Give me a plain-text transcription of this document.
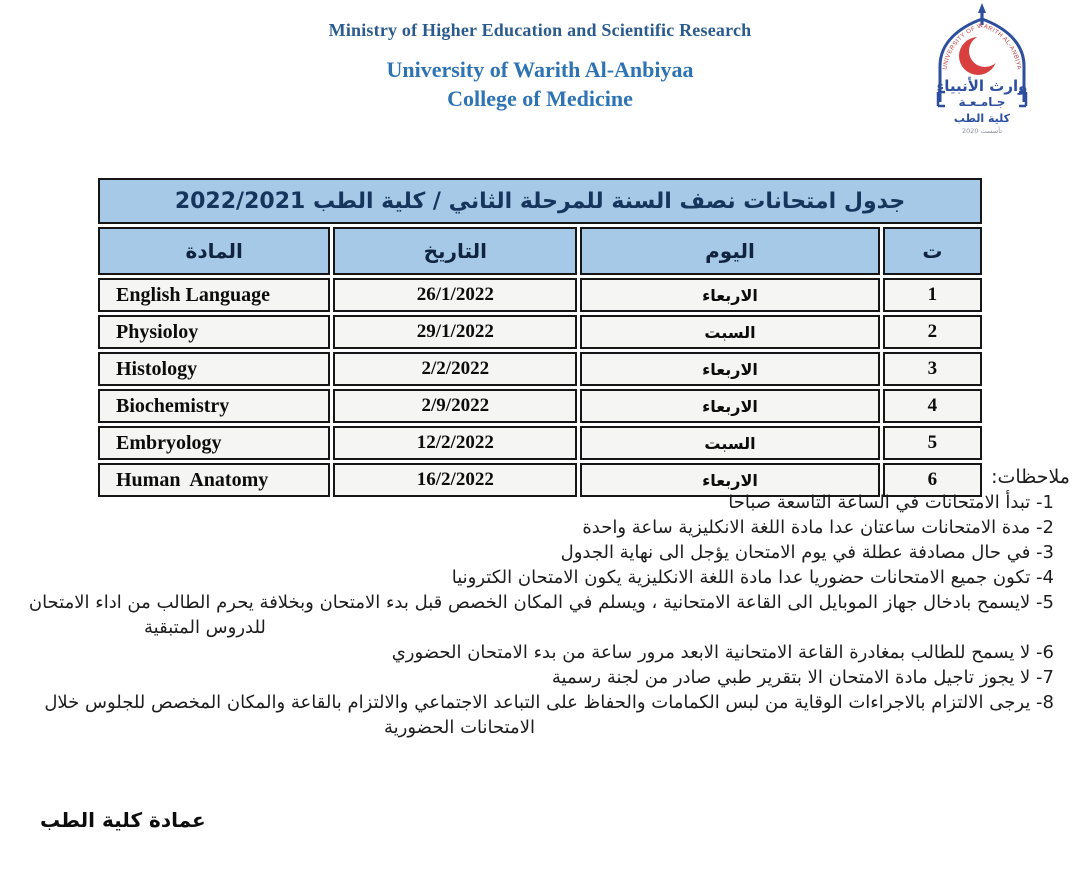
Ministry of Higher Education and Scientific Research
University of Warith Al-Anbiyaa
College of Medicine
UNIVERSITY OF WARITH AL-ANBIYA
وارث الأنبياء
جـامـعـة
كلية الطب
تأسست 2020
جدول امتحانات نصف السنة للمرحلة الثاني / كلية الطب 2022/2021			
ت	اليوم	التاريخ	المادة
1	الاربعاء	26/1/2022	English Language
2	السبت	29/1/2022	Physioloy
3	الاربعاء	2/2/2022	Histology
4	الاربعاء	2/9/2022	Biochemistry
5	السبت	12/2/2022	Embryology
6	الاربعاء	16/2/2022	Human  Anatomy	ملاحظات:
1- تبدأ الامتحانات في الساعة التاسعة صباحا
2- مدة الامتحانات ساعتان عدا مادة اللغة الانكليزية ساعة واحدة
3- في حال مصادفة عطلة في يوم الامتحان يؤجل الى نهاية الجدول
4- تكون جميع الامتحانات حضوريا عدا مادة اللغة الانكليزية يكون الامتحان الكترونيا
5- لايسمح بادخال جهاز الموبايل الى القاعة الامتحانية ، ويسلم في المكان الخصص قبل بدء الامتحان وبخلافة يحرم الطالب من اداء الامتحان
للدروس المتبقية
6- لا يسمح للطالب بمغادرة القاعة الامتحانية الابعد مرور ساعة من بدء الامتحان الحضوري
7- لا يجوز تاجيل مادة الامتحان الا بتقرير طبي صادر من لجنة رسمية
8- يرجى الالتزام بالاجراءات الوقاية من لبس الكمامات والحفاظ على التباعد الاجتماعي والالتزام بالقاعة والمكان المخصص للجلوس خلال
الامتحانات الحضورية
عمادة كلية الطب
